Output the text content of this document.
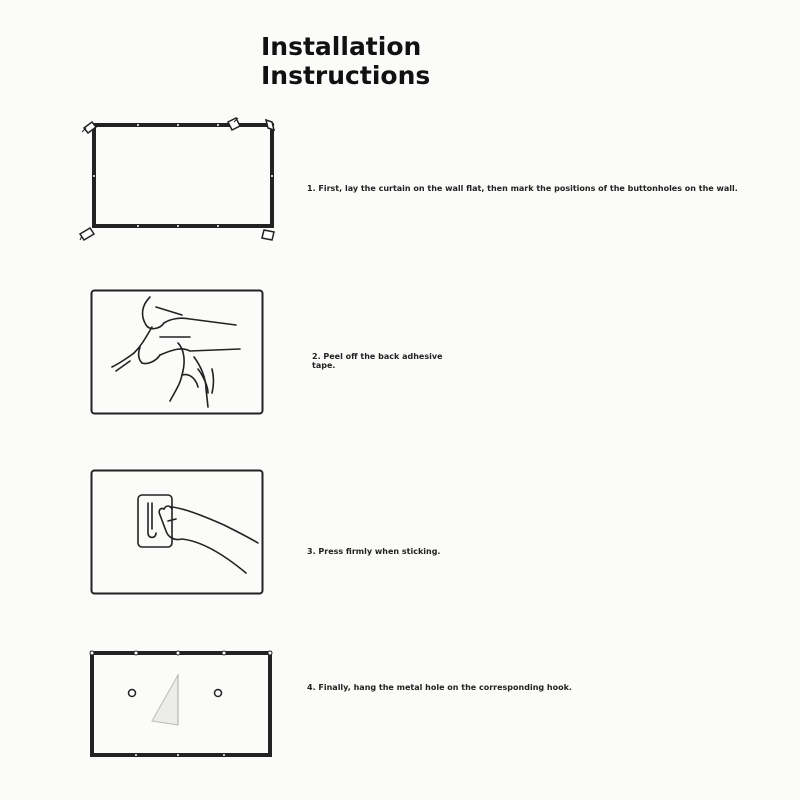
Installation
Instructions

1. First, lay the curtain on the wall flat, then mark the positions of the buttonholes on the wall.

2. Peel off the back adhesive
tape.

3. Press firmly when sticking.

4. Finally, hang the metal hole on the corresponding hook.
